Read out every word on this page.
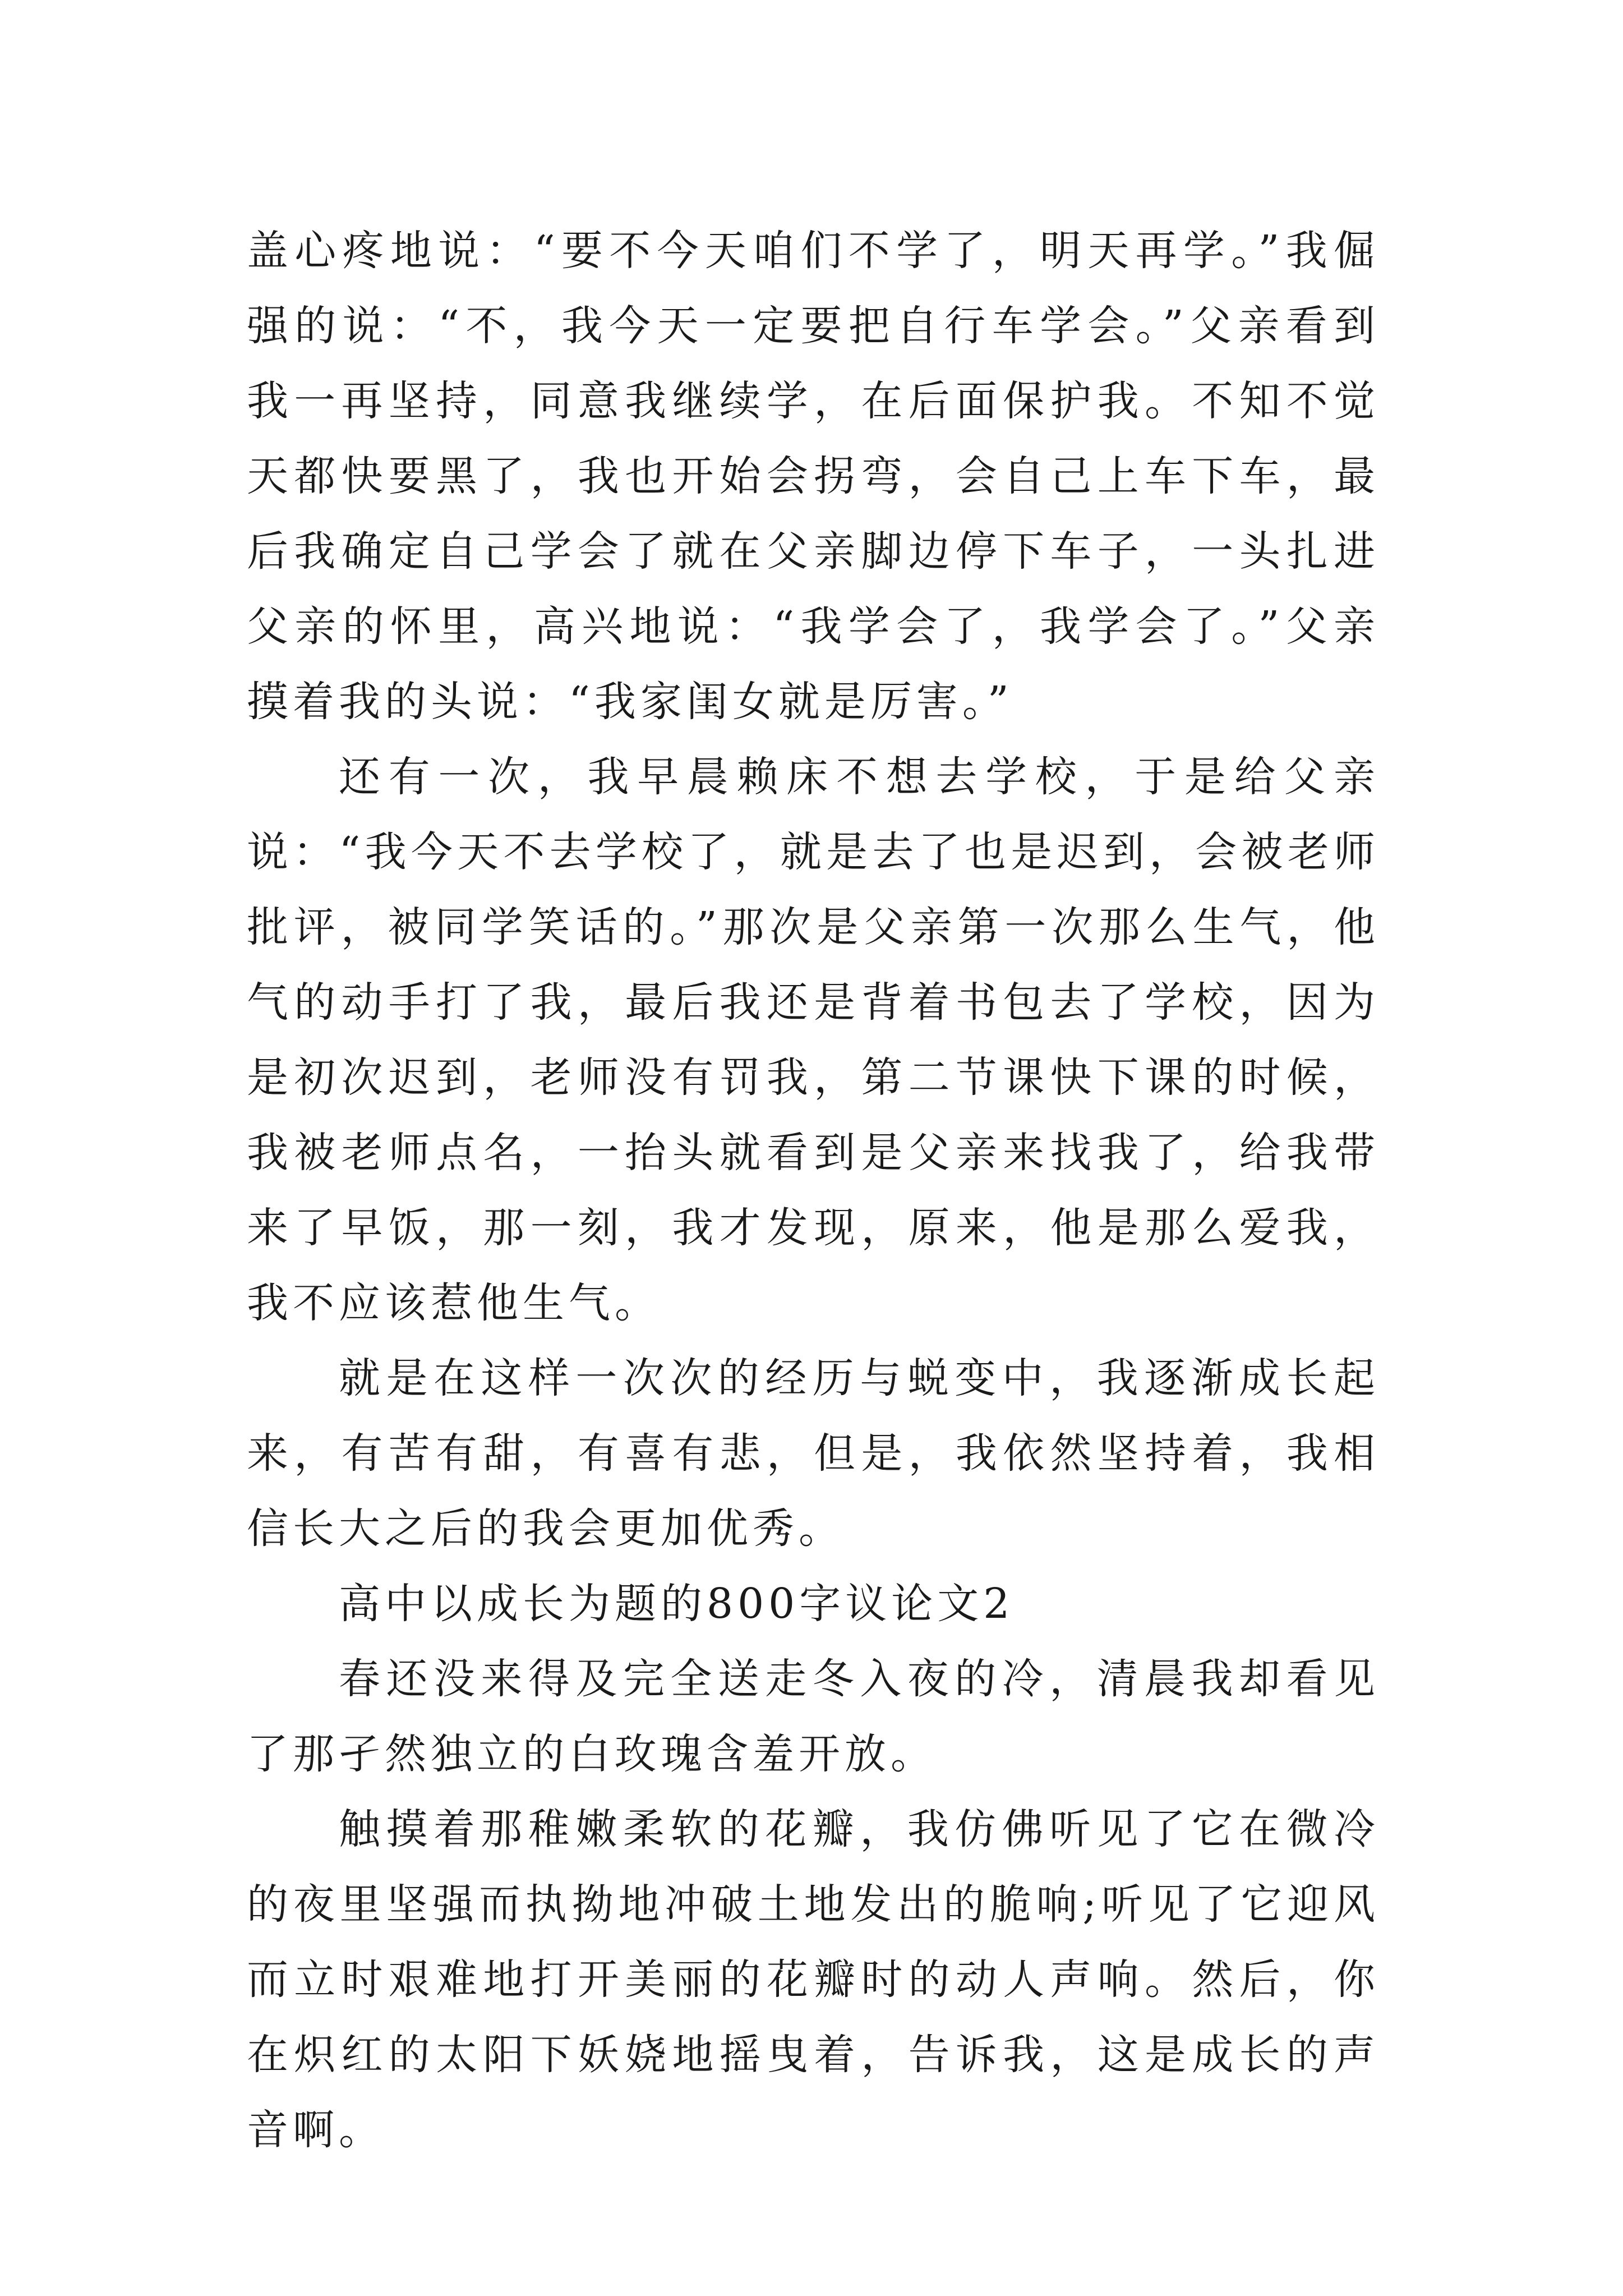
盖心疼地说：“要不今天咱们不学了，明天再学。”我倔强的说：“不，我今天一定要把自行车学会。”父亲看到我一再坚持，同意我继续学，在后面保护我。不知不觉天都快要黑了，我也开始会拐弯，会自己上车下车，最后我确定自己学会了就在父亲脚边停下车子，一头扎进父亲的怀里，高兴地说：“我学会了，我学会了。”父亲摸着我的头说：“我家闺女就是厉害。”

还有一次，我早晨赖床不想去学校，于是给父亲说：“我今天不去学校了，就是去了也是迟到，会被老师批评，被同学笑话的。”那次是父亲第一次那么生气，他气的动手打了我，最后我还是背着书包去了学校，因为是初次迟到，老师没有罚我，第二节课快下课的时候，我被老师点名，一抬头就看到是父亲来找我了，给我带来了早饭，那一刻，我才发现，原来，他是那么爱我，我不应该惹他生气。

就是在这样一次次的经历与蜕变中，我逐渐成长起来，有苦有甜，有喜有悲，但是，我依然坚持着，我相信长大之后的我会更加优秀。

高中以成长为题的800字议论文2

春还没来得及完全送走冬入夜的冷，清晨我却看见了那孑然独立的白玫瑰含羞开放。

触摸着那稚嫩柔软的花瓣，我仿佛听见了它在微冷的夜里坚强而执拗地冲破土地发出的脆响;听见了它迎风而立时艰难地打开美丽的花瓣时的动人声响。然后，你在炽红的太阳下妖娆地摇曳着，告诉我，这是成长的声音啊。
